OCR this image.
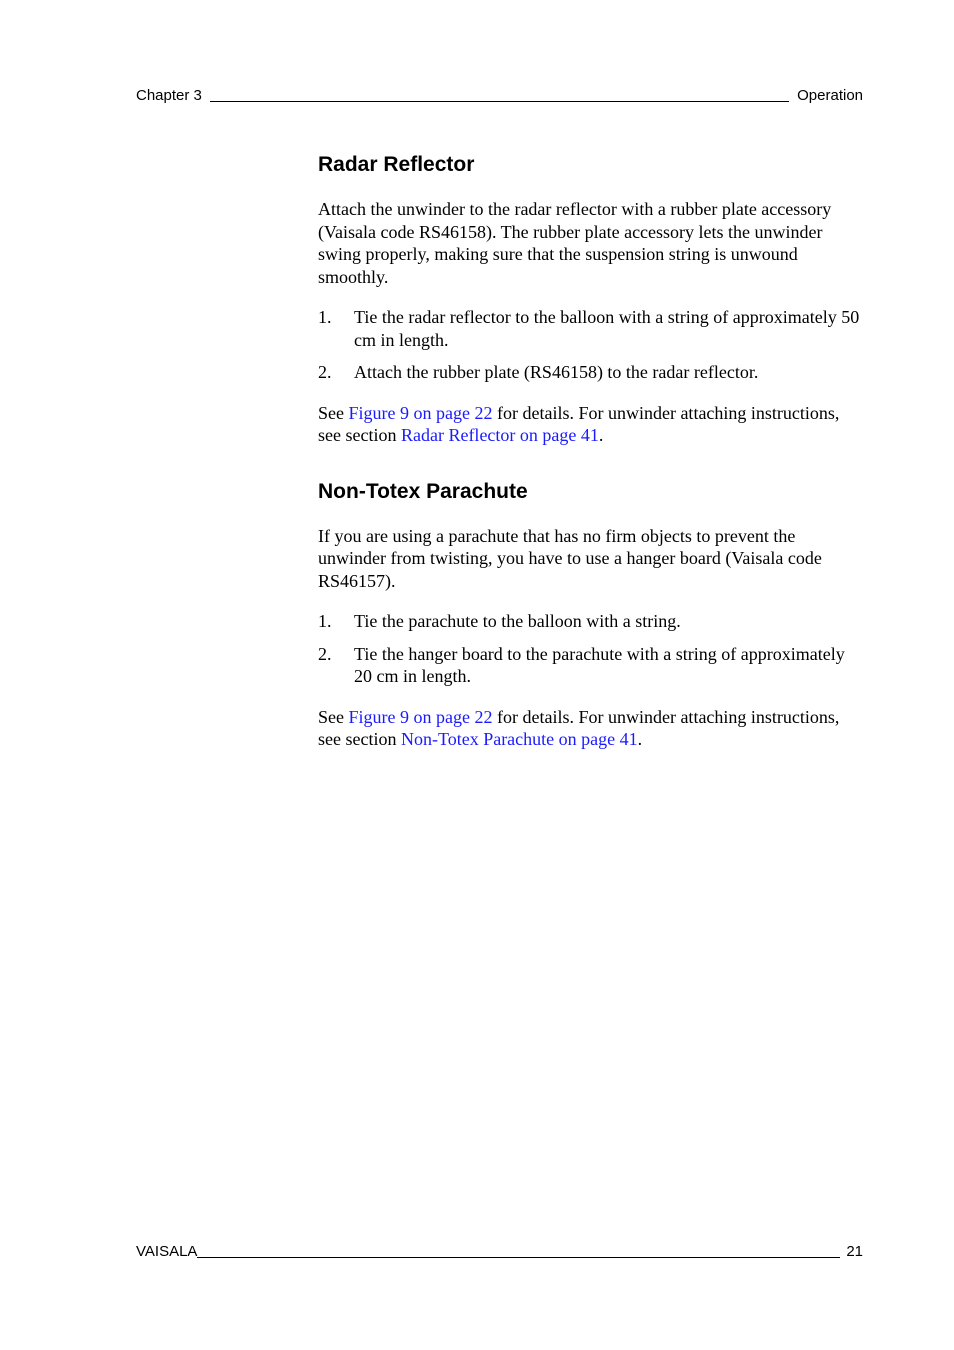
Chapter 3	Operation
Radar Reflector

Attach the unwinder to the radar reflector with a rubber plate accessory (Vaisala code RS46158). The rubber plate accessory lets the unwinder swing properly, making sure that the suspension string is unwound smoothly.

1.	Tie the radar reflector to the balloon with a string of approximately 50 cm in length.
2.	Attach the rubber plate (RS46158) to the radar reflector.

See Figure 9 on page 22 for details. For unwinder attaching instructions, see section Radar Reflector on page 41.

Non-Totex Parachute

If you are using a parachute that has no firm objects to prevent the unwinder from twisting, you have to use a hanger board (Vaisala code RS46157).

1.	Tie the parachute to the balloon with a string.
2.	Tie the hanger board to the parachute with a string of approximately 20 cm in length.

See Figure 9 on page 22 for details. For unwinder attaching instructions, see section Non-Totex Parachute on page 41.

VAISALA	21
